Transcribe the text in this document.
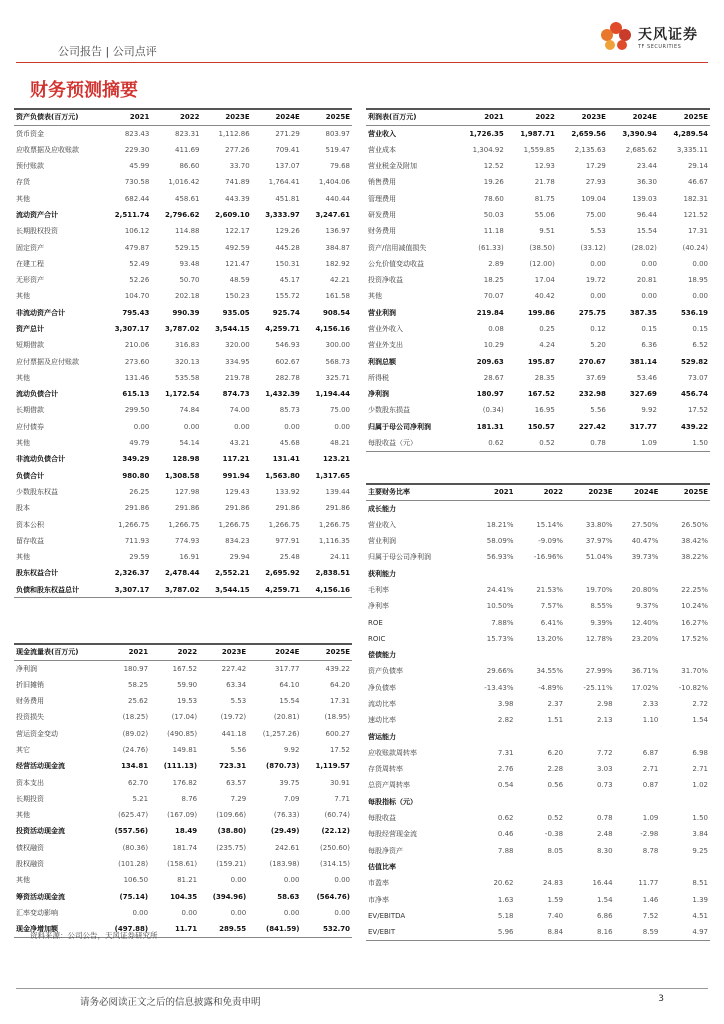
公司报告 | 公司点评
天风证券
TF SECURITIES
财务预测摘要
资产负债表(百万元)	2021	2022	2023E	2024E	2025E
货币资金	823.43	823.31	1,112.86	271.29	803.97
应收票据及应收账款	229.30	411.69	277.26	709.41	519.47
预付账款	45.99	86.60	33.70	137.07	79.68
存货	730.58	1,016.42	741.89	1,764.41	1,404.06
其他	682.44	458.61	443.39	451.81	440.44
流动资产合计	2,511.74	2,796.62	2,609.10	3,333.97	3,247.61
长期股权投资	106.12	114.88	122.17	129.26	136.97
固定资产	479.87	529.15	492.59	445.28	384.87
在建工程	52.49	93.48	121.47	150.31	182.92
无形资产	52.26	50.70	48.59	45.17	42.21
其他	104.70	202.18	150.23	155.72	161.58
非流动资产合计	795.43	990.39	935.05	925.74	908.54
资产总计	3,307.17	3,787.02	3,544.15	4,259.71	4,156.16
短期借款	210.06	316.83	320.00	546.93	300.00
应付票据及应付账款	273.60	320.13	334.95	602.67	568.73
其他	131.46	535.58	219.78	282.78	325.71
流动负债合计	615.13	1,172.54	874.73	1,432.39	1,194.44
长期借款	299.50	74.84	74.00	85.73	75.00
应付债券	0.00	0.00	0.00	0.00	0.00
其他	49.79	54.14	43.21	45.68	48.21
非流动负债合计	349.29	128.98	117.21	131.41	123.21
负债合计	980.80	1,308.58	991.94	1,563.80	1,317.65
少数股东权益	26.25	127.98	129.43	133.92	139.44
股本	291.86	291.86	291.86	291.86	291.86
资本公积	1,266.75	1,266.75	1,266.75	1,266.75	1,266.75
留存收益	711.93	774.93	834.23	977.91	1,116.35
其他	29.59	16.91	29.94	25.48	24.11
股东权益合计	2,326.37	2,478.44	2,552.21	2,695.92	2,838.51
负债和股东权益总计	3,307.17	3,787.02	3,544.15	4,259.71	4,156.16
利润表(百万元)	2021	2022	2023E	2024E	2025E
营业收入	1,726.35	1,987.71	2,659.56	3,390.94	4,289.54
营业成本	1,304.92	1,559.85	2,135.63	2,685.62	3,335.11
营业税金及附加	12.52	12.93	17.29	23.44	29.14
销售费用	19.26	21.78	27.93	36.30	46.67
管理费用	78.60	81.75	109.04	139.03	182.31
研发费用	50.03	55.06	75.00	96.44	121.52
财务费用	11.18	9.51	5.53	15.54	17.31
资产/信用减值损失	(61.33)	(38.50)	(33.12)	(28.02)	(40.24)
公允价值变动收益	2.89	(12.00)	0.00	0.00	0.00
投资净收益	18.25	17.04	19.72	20.81	18.95
其他	70.07	40.42	0.00	0.00	0.00
营业利润	219.84	199.86	275.75	387.35	536.19
营业外收入	0.08	0.25	0.12	0.15	0.15
营业外支出	10.29	4.24	5.20	6.36	6.52
利润总额	209.63	195.87	270.67	381.14	529.82
所得税	28.67	28.35	37.69	53.46	73.07
净利润	180.97	167.52	232.98	327.69	456.74
少数股东损益	(0.34)	16.95	5.56	9.92	17.52
归属于母公司净利润	181.31	150.57	227.42	317.77	439.22
每股收益（元）	0.62	0.52	0.78	1.09	1.50
主要财务比率	2021	2022	2023E	2024E	2025E
成长能力					
营业收入	18.21%	15.14%	33.80%	27.50%	26.50%
营业利润	58.09%	-9.09%	37.97%	40.47%	38.42%
归属于母公司净利润	56.93%	-16.96%	51.04%	39.73%	38.22%
获利能力					
毛利率	24.41%	21.53%	19.70%	20.80%	22.25%
净利率	10.50%	7.57%	8.55%	9.37%	10.24%
ROE	7.88%	6.41%	9.39%	12.40%	16.27%
ROIC	15.73%	13.20%	12.78%	23.20%	17.52%
偿债能力					
资产负债率	29.66%	34.55%	27.99%	36.71%	31.70%
净负债率	-13.43%	-4.89%	-25.11%	17.02%	-10.82%
流动比率	3.98	2.37	2.98	2.33	2.72
速动比率	2.82	1.51	2.13	1.10	1.54
营运能力					
应收账款周转率	7.31	6.20	7.72	6.87	6.98
存货周转率	2.76	2.28	3.03	2.71	2.71
总资产周转率	0.54	0.56	0.73	0.87	1.02
每股指标（元）					
每股收益	0.62	0.52	0.78	1.09	1.50
每股经营现金流	0.46	-0.38	2.48	-2.98	3.84
每股净资产	7.88	8.05	8.30	8.78	9.25
估值比率					
市盈率	20.62	24.83	16.44	11.77	8.51
市净率	1.63	1.59	1.54	1.46	1.39
EV/EBITDA	5.18	7.40	6.86	7.52	4.51
EV/EBIT	5.96	8.84	8.16	8.59	4.97
现金流量表(百万元)	2021	2022	2023E	2024E	2025E
净利润	180.97	167.52	227.42	317.77	439.22
折旧摊销	58.25	59.90	63.34	64.10	64.20
财务费用	25.62	19.53	5.53	15.54	17.31
投资损失	(18.25)	(17.04)	(19.72)	(20.81)	(18.95)
营运资金变动	(89.02)	(490.85)	441.18	(1,257.26)	600.27
其它	(24.76)	149.81	5.56	9.92	17.52
经营活动现金流	134.81	(111.13)	723.31	(870.73)	1,119.57
资本支出	62.70	176.82	63.57	39.75	30.91
长期投资	5.21	8.76	7.29	7.09	7.71
其他	(625.47)	(167.09)	(109.66)	(76.33)	(60.74)
投资活动现金流	(557.56)	18.49	(38.80)	(29.49)	(22.12)
债权融资	(80.36)	181.74	(235.75)	242.61	(250.60)
股权融资	(101.28)	(158.61)	(159.21)	(183.98)	(314.15)
其他	106.50	81.21	0.00	0.00	0.00
筹资活动现金流	(75.14)	104.35	(394.96)	58.63	(564.76)
汇率变动影响	0.00	0.00	0.00	0.00	0.00
现金净增加额	(497.88)	11.71	289.55	(841.59)	532.70
资料来源：公司公告，天风证券研究所
请务必阅读正文之后的信息披露和免责申明	3
